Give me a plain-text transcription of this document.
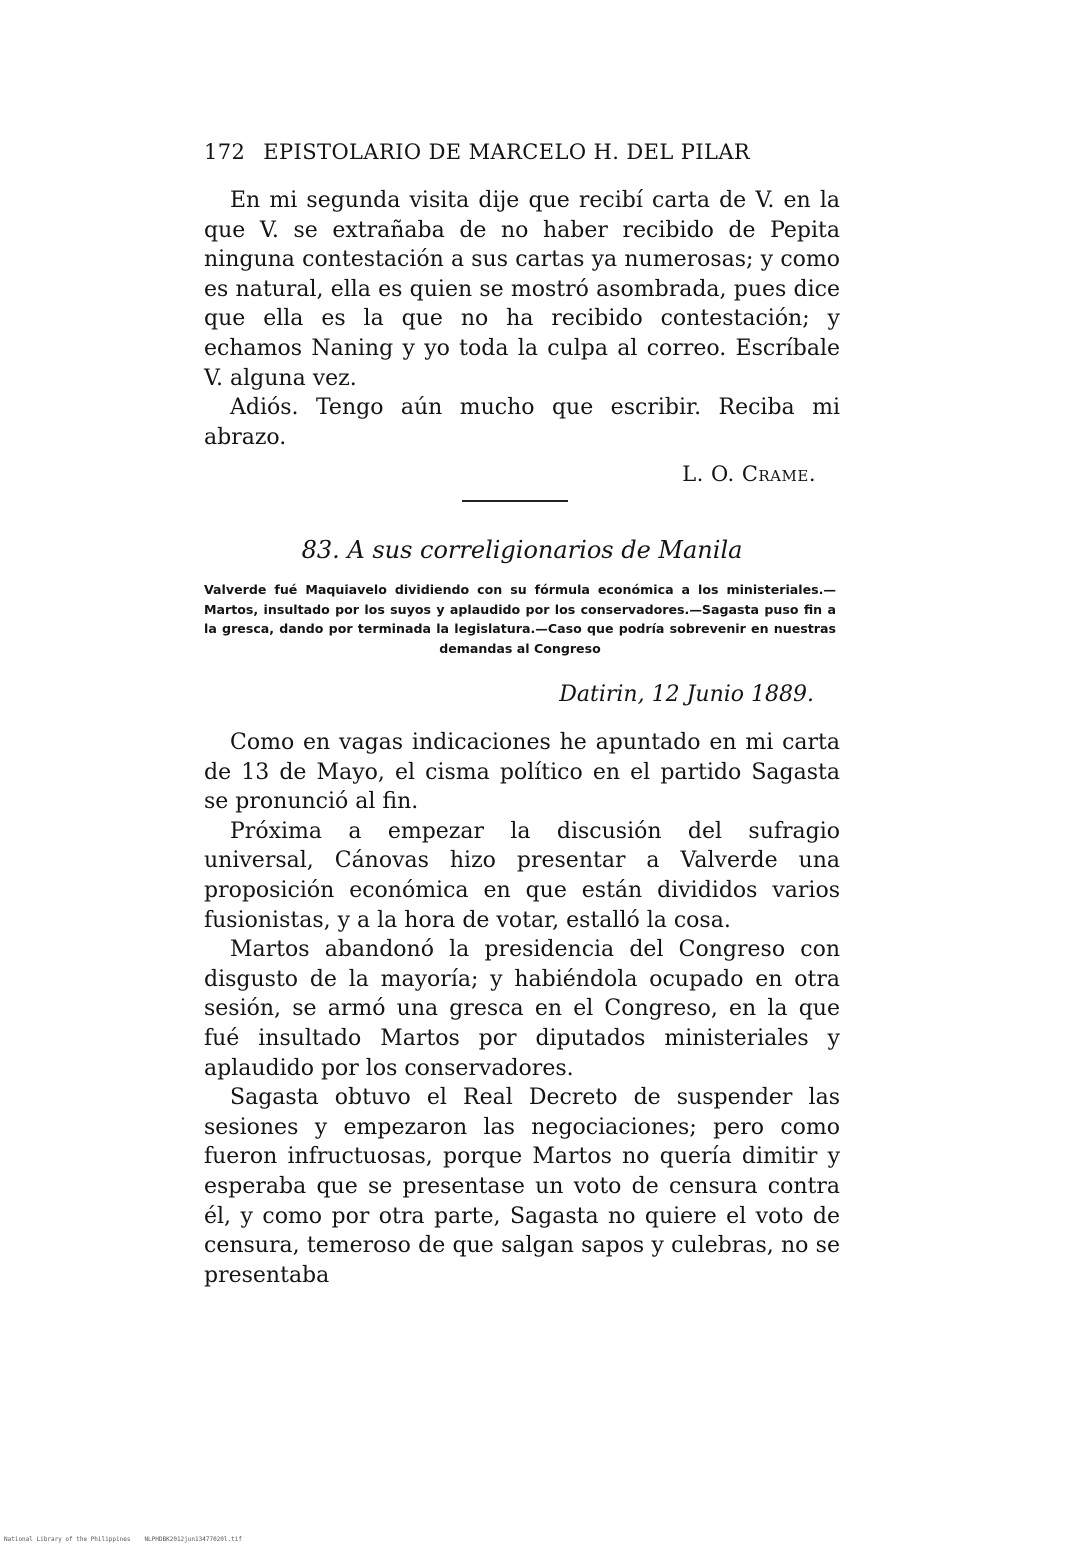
172 EPISTOLARIO DE MARCELO H. DEL PILAR

En mi segunda visita dije que recibí carta de V. en la que V. se extrañaba de no haber recibido de Pepita ninguna contestación a sus cartas ya numerosas; y como es natural, ella es quien se mostró asombrada, pues dice que ella es la que no ha recibido contestación; y echamos Naning y yo toda la culpa al correo. Escríbale V. alguna vez.

Adiós. Tengo aún mucho que escribir. Reciba mi abrazo.

L. O. Crame.
83. A sus correligionarios de Manila
Valverde fué Maquiavelo dividiendo con su fórmula económica a los ministeriales.—Martos, insultado por los suyos y aplaudido por los conservadores.—Sagasta puso fin a la gresca, dando por terminada la legislatura.—Caso que podría sobrevenir en nuestras demandas al Congreso
Datirin, 12 Junio 1889.

Como en vagas indicaciones he apuntado en mi carta de 13 de Mayo, el cisma político en el partido Sagasta se pronunció al fin.

Próxima a empezar la discusión del sufragio universal, Cánovas hizo presentar a Valverde una proposición económica en que están divididos varios fusionistas, y a la hora de votar, estalló la cosa.

Martos abandonó la presidencia del Congreso con disgusto de la mayoría; y habiéndola ocupado en otra sesión, se armó una gresca en el Congreso, en la que fué insultado Martos por diputados ministeriales y aplaudido por los conservadores.

Sagasta obtuvo el Real Decreto de suspender las sesiones y empezaron las negociaciones; pero como fueron infructuosas, porque Martos no quería dimitir y esperaba que se presentase un voto de censura contra él, y como por otra parte, Sagasta no quiere el voto de censura, temeroso de que salgan sapos y culebras, no se presentaba

National Library of the Philippines NLPHDBK2012jun13477020l.tif
